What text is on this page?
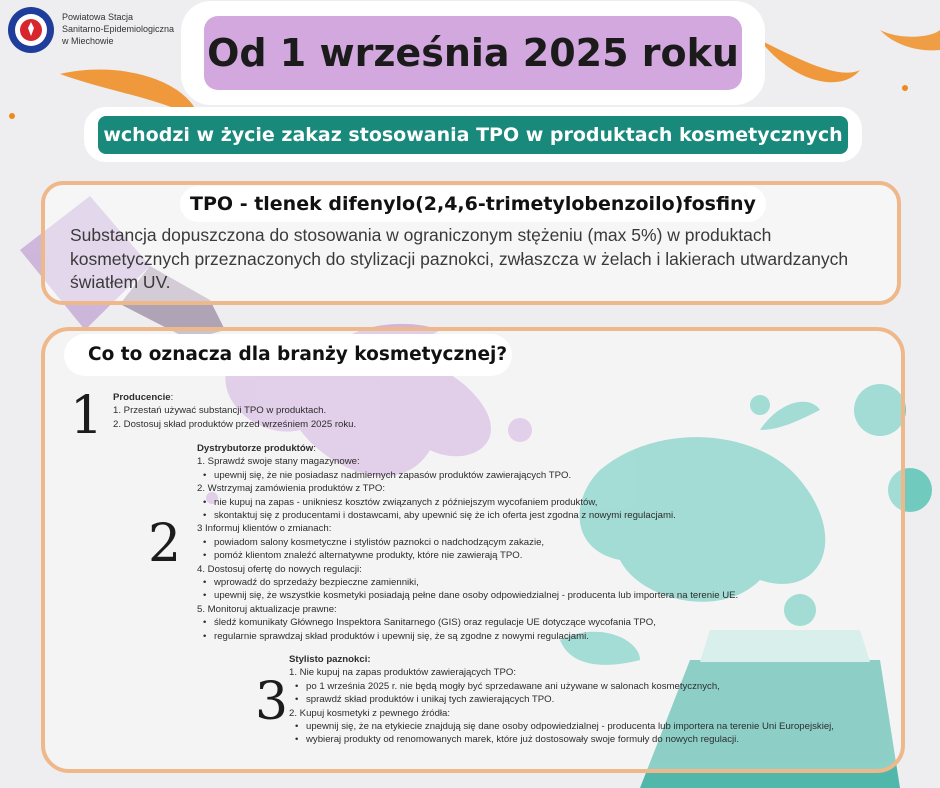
Powiatowa Stacja
Sanitarno-Epidemiologiczna
w Miechowie	Od 1 września 2025 roku
wchodzi w życie zakaz stosowania TPO w produktach kosmetycznych
TPO - tlenek difenylo(2,4,6-trimetylobenzoilo)fosfiny
Substancja dopuszczona do stosowania w ograniczonym stężeniu (max 5%) w produktach kosmetycznych przeznaczonych do stylizacji paznokci, zwłaszcza w żelach i lakierach utwardzanych światłem UV.
Co to oznacza dla branży kosmetycznej?
1 Producencie:
1. Przestań używać substancji TPO w produktach.
2. Dostosuj skład produktów przed wrześniem 2025 roku.
2
Dystrybutorze produktów:
1. Sprawdź swoje stany magazynowe:
• upewnij się, że nie posiadasz nadmiernych zapasów produktów zawierających TPO.
2. Wstrzymaj zamówienia produktów z TPO:
• nie kupuj na zapas - unikniesz kosztów związanych z późniejszym wycofaniem produktów,
• skontaktuj się z producentami i dostawcami, aby upewnić się że ich oferta jest zgodna z nowymi regulacjami.
3 Informuj klientów o zmianach:
• powiadom salony kosmetyczne i stylistów paznokci o nadchodzącym zakazie,
• pomóż klientom znaleźć alternatywne produkty, które nie zawierają TPO.
4. Dostosuj ofertę do nowych regulacji:
• wprowadź do sprzedaży bezpieczne zamienniki,
• upewnij się, że wszystkie kosmetyki posiadają pełne dane osoby odpowiedzialnej - producenta lub importera na terenie UE.
5. Monitoruj aktualizacje prawne:
• śledź komunikaty Głównego Inspektora Sanitarnego (GIS) oraz regulacje UE dotyczące wycofania TPO,
• regularnie sprawdzaj skład produktów i upewnij się, że są zgodne z nowymi regulacjami.
3
Stylisto paznokci:
1. Nie kupuj na zapas produktów zawierających TPO:
• po 1 września 2025 r. nie będą mogły być sprzedawane ani używane w salonach kosmetycznych,
• sprawdź skład produktów i unikaj tych zawierających TPO.
2. Kupuj kosmetyki z pewnego źródła:
• upewnij się, że na etykiecie znajdują się dane osoby odpowiedzialnej - producenta lub importera na terenie Uni Europejskiej,
• wybieraj produkty od renomowanych marek, które już dostosowały swoje formuły do nowych regulacji.
